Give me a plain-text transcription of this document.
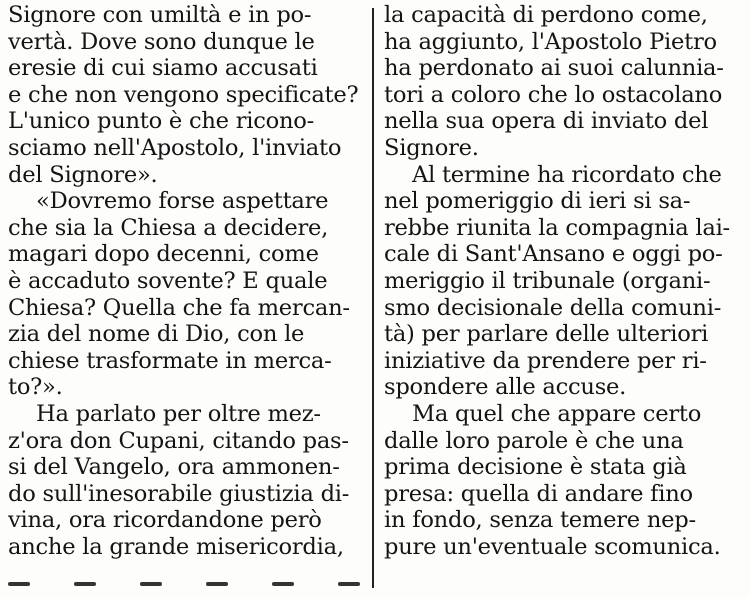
Signore con umiltà e in po-
vertà. Dove sono dunque le
eresie di cui siamo accusati
e che non vengono specificate?
L'unico punto è che ricono-
sciamo nell'Apostolo, l'inviato
del Signore».
«Dovremo forse aspettare
che sia la Chiesa a decidere,
magari dopo decenni, come
è accaduto sovente? E quale
Chiesa? Quella che fa mercan-
zia del nome di Dio, con le
chiese trasformate in merca-
to?».
Ha parlato per oltre mez-
z'ora don Cupani, citando pas-
si del Vangelo, ora ammonen-
do sull'inesorabile giustizia di-
vina, ora ricordandone però
anche la grande misericordia,
la capacità di perdono come,
ha aggiunto, l'Apostolo Pietro
ha perdonato ai suoi calunnia-
tori a coloro che lo ostacolano
nella sua opera di inviato del
Signore.
Al termine ha ricordato che
nel pomeriggio di ieri si sa-
rebbe riunita la compagnia lai-
cale di Sant'Ansano e oggi po-
meriggio il tribunale (organi-
smo decisionale della comuni-
tà) per parlare delle ulteriori
iniziative da prendere per ri-
spondere alle accuse.
Ma quel che appare certo
dalle loro parole è che una
prima decisione è stata già
presa: quella di andare fino
in fondo, senza temere nep-
pure un'eventuale scomunica.
